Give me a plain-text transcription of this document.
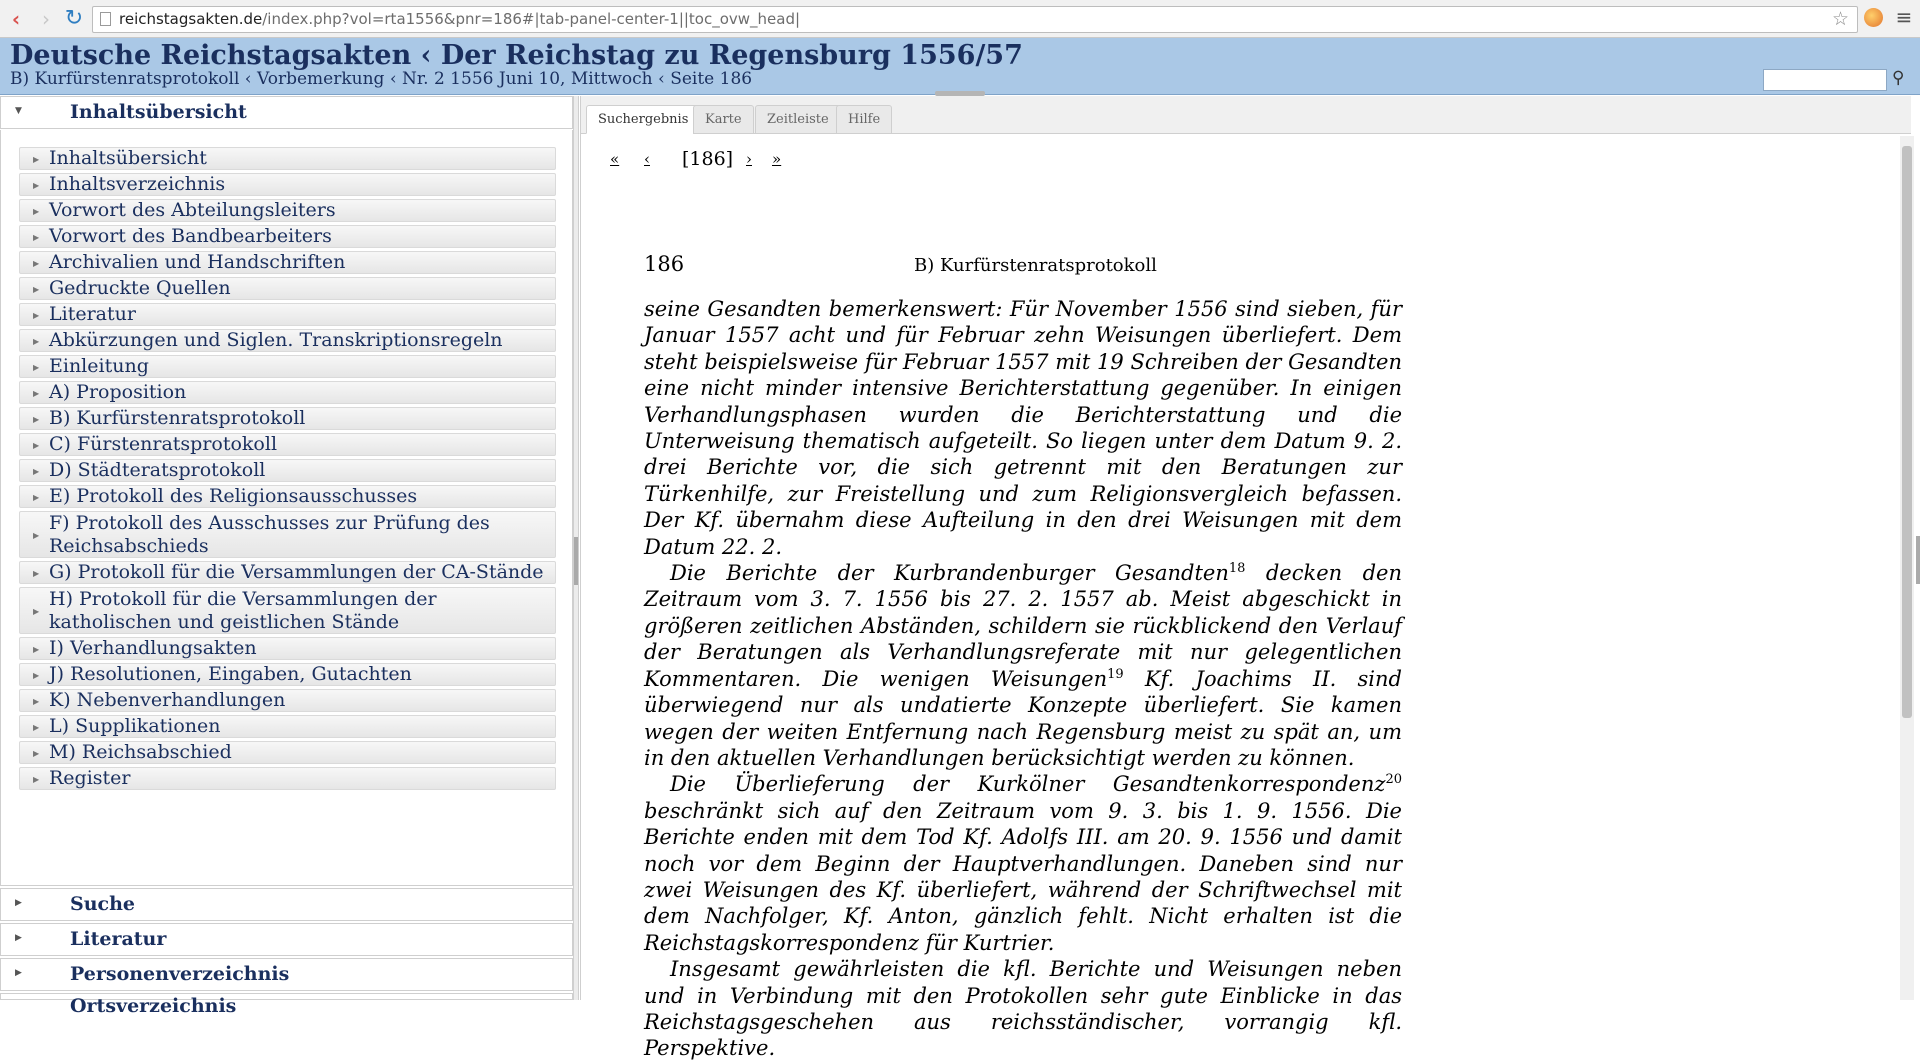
‹	› ↻	reichstagsakten.de/index.php?vol=rta1556&pnr=186#|tab-panel-center-1||toc_ovw_head|	☆ ≡
Deutsche Reichstagsakten ‹ Der Reichstag zu Regensburg 1556/57
B) Kurfürstenratsprotokoll ‹ Vorbemerkung ‹ Nr. 2 1556 Juni 10, Mittwoch ‹ Seite 186	⚲
▼	Inhaltsübersicht
▶ Inhaltsübersicht
▶ Inhaltsverzeichnis
▶ Vorwort des Abteilungsleiters
▶ Vorwort des Bandbearbeiters
▶ Archivalien und Handschriften
▶ Gedruckte Quellen
▶ Literatur
▶ Abkürzungen und Siglen. Transkriptionsregeln
▶ Einleitung
▶ A) Proposition
▶ B) Kurfürstenratsprotokoll
▶ C) Fürstenratsprotokoll
▶ D) Städteratsprotokoll
▶ E) Protokoll des Religionsausschusses
▶
F) Protokoll des Ausschusses zur Prüfung des Reichsabschieds
▶ G) Protokoll für die Versammlungen der CA-Stände
▶
H) Protokoll für die Versammlungen der katholischen und geistlichen Stände
▶ I) Verhandlungsakten
▶ J) Resolutionen, Eingaben, Gutachten
▶ K) Nebenverhandlungen
▶ L) Supplikationen
▶ M) Reichsabschied
▶ Register
▶	Suche
▶	Literatur
▶	Personenverzeichnis
Ortsverzeichnis
Suchergebnis	Karte	Zeitleiste	Hilfe
« ‹ [186] › »
186	B) Kurfürstenratsprotokoll

seine Gesandten bemerkenswert: Für November 1556 sind sieben, für Januar 1557 acht und für Februar zehn Weisungen überliefert. Dem steht beispielsweise für Februar 1557 mit 19 Schreiben der Gesandten eine nicht minder intensive Berichterstattung gegenüber. In einigen Verhandlungsphasen wurden die Berichterstattung und die Unterweisung thematisch aufgeteilt. So liegen unter dem Datum 9. 2. drei Berichte vor, die sich getrennt mit den Beratungen zur Türkenhilfe, zur Freistellung und zum Religionsvergleich befassen. Der Kf. übernahm diese Aufteilung in den drei Weisungen mit dem Datum 22. 2.

Die Berichte der Kurbrandenburger Gesandten$^{18}$ decken den Zeitraum vom 3. 7. 1556 bis 27. 2. 1557 ab. Meist abgeschickt in größeren zeitlichen Abständen, schildern sie rückblickend den Verlauf der Beratungen als Verhandlungsreferate mit nur gelegentlichen Kommentaren. Die wenigen Weisungen$^{19}$ Kf. Joachims II. sind überwiegend nur als undatierte Konzepte überliefert. Sie kamen wegen der weiten Entfernung nach Regensburg meist zu spät an, um in den aktuellen Verhandlungen berücksichtigt werden zu können.

Die Überlieferung der Kurkölner Gesandtenkorrespondenz$^{20}$ beschränkt sich auf den Zeitraum vom 9. 3. bis 1. 9. 1556. Die Berichte enden mit dem Tod Kf. Adolfs III. am 20. 9. 1556 und damit noch vor dem Beginn der Hauptverhandlungen. Daneben sind nur zwei Weisungen des Kf. überliefert, während der Schriftwechsel mit dem Nachfolger, Kf. Anton, gänzlich fehlt. Nicht erhalten ist die Reichstagskorrespondenz für Kurtrier.

Insgesamt gewährleisten die kfl. Berichte und Weisungen neben und in Verbindung mit den Protokollen sehr gute Einblicke in das Reichstagsgeschehen aus reichsständischer, vorrangig kfl. Perspektive.
